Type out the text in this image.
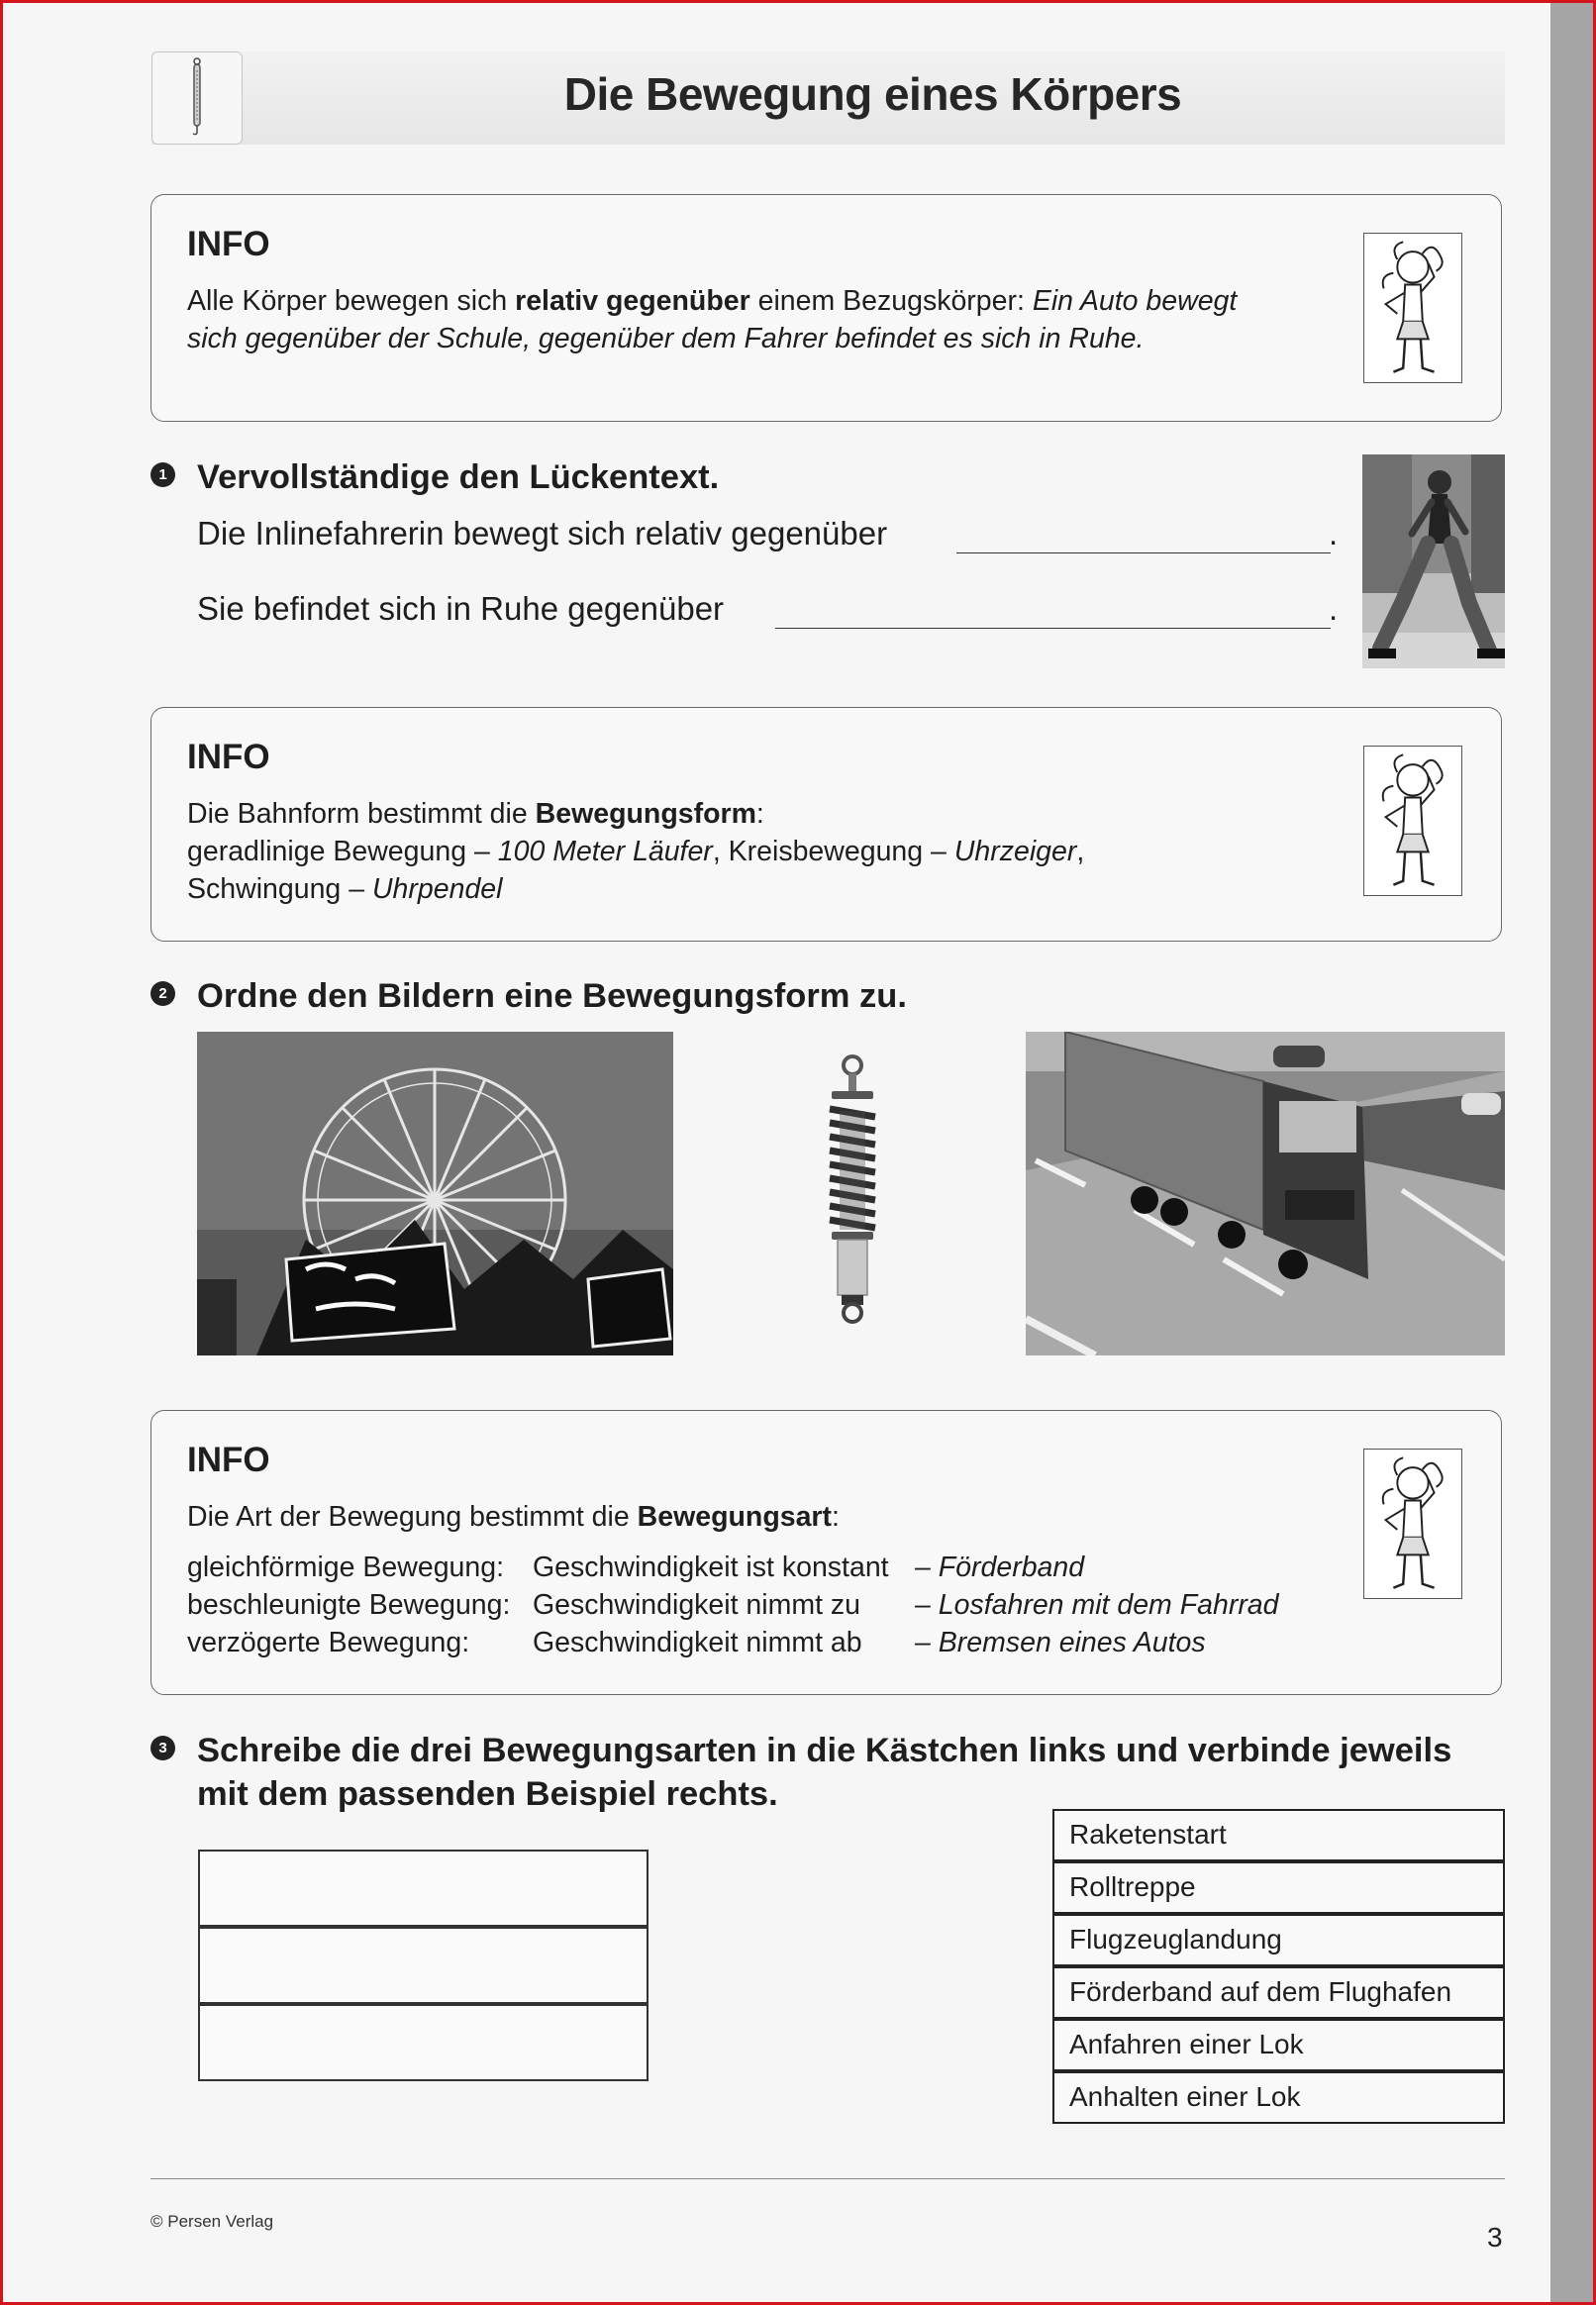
Die Bewegung eines Körpers
INFO
Alle Körper bewegen sich relativ gegenüber einem Bezugskörper: Ein Auto bewegt
sich gegenüber der Schule, gegenüber dem Fahrer befindet es sich in Ruhe.
1 Vervollständige den Lückentext.
Die Inlinefahrerin bewegt sich relativ gegenüber	.
Sie befindet sich in Ruhe gegenüber	.
INFO
Die Bahnform bestimmt die Bewegungsform:
geradlinige Bewegung – 100 Meter Läufer, Kreisbewegung – Uhrzeiger,
Schwingung – Uhrpendel
2 Ordne den Bildern eine Bewegungsform zu.
INFO
Die Art der Bewegung bestimmt die Bewegungsart:
gleichförmige Bewegung: Geschwindigkeit ist konstant – Förderband
beschleunigte Bewegung: Geschwindigkeit nimmt zu – Losfahren mit dem Fahrrad
verzögerte Bewegung: Geschwindigkeit nimmt ab – Bremsen eines Autos
3 Schreibe die drei Bewegungsarten in die Kästchen links und verbinde jeweils
mit dem passenden Beispiel rechts.
Raketenstart
Rolltreppe
Flugzeuglandung
Förderband auf dem Flughafen
Anfahren einer Lok
Anhalten einer Lok
© Persen Verlag
3
